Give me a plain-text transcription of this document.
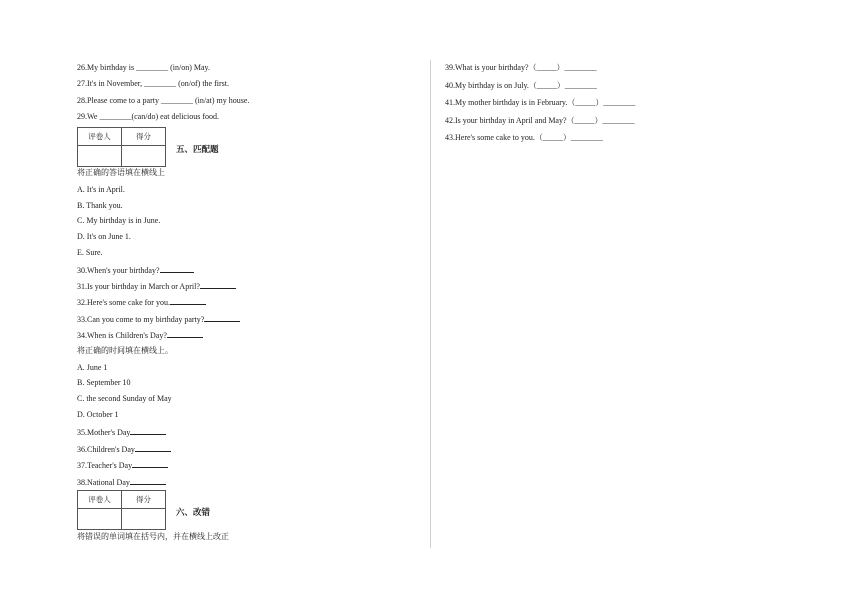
26.My birthday is ________ (in/on) May.
27.It's in November, ________ (on/of) the first.
28.Please come to a party ________ (in/at) my house.
29.We ________(can/do) eat delicious food.
评卷人	得分

五、匹配题
将正确的答语填在横线上
A. It's in April.
B. Thank you.
C. My birthday is in June.
D. It's on June 1.
E. Sure.
30.When's your birthday?
31.Is your birthday in March or April?
32.Here's some cake for you.
33.Can you come to my birthday party?
34.When is Children's Day?
将正确的时间填在横线上。
A. June 1
B. September 10
C. the second Sunday of May
D. October 1
35.Mother's Day
36.Children's Day
37.Teacher's Day
38.National Day
评卷人	得分

六、改错
将错误的单词填在括号内，并在横线上改正
39.What is your birthday?（_____）________
40.My birthday is on July.（_____）________
41.My mother birthday is in February.（_____）________
42.Is your birthday in April and May?（_____）________
43.Here's some cake to you.（_____）________
